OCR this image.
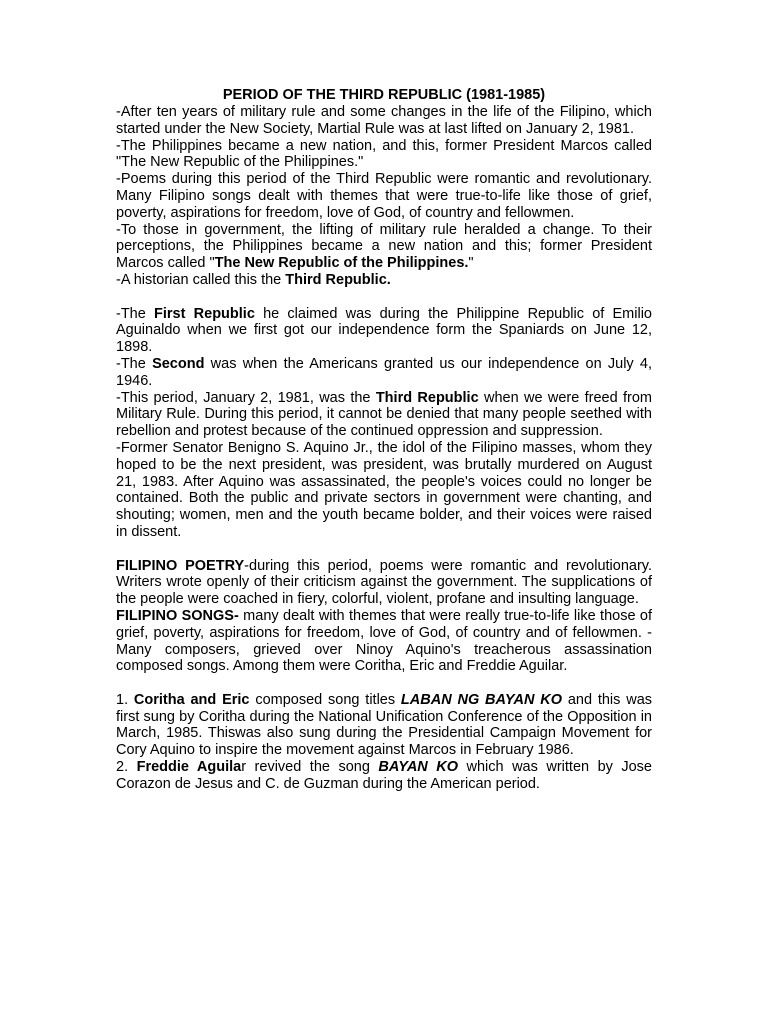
PERIOD OF THE THIRD REPUBLIC (1981-1985)

-After ten years of military rule and some changes in the life of the Filipino, which started under the New Society, Martial Rule was at last lifted on January 2, 1981.

-The Philippines became a new nation, and this, former President Marcos called "The New Republic of the Philippines."

-Poems during this period of the Third Republic were romantic and revolutionary. Many Filipino songs dealt with themes that were true-to-life like those of grief, poverty, aspirations for freedom, love of God, of country and fellowmen.

-To those in government, the lifting of military rule heralded a change. To their perceptions, the Philippines became a new nation and this; former President Marcos called "The New Republic of the Philippines."

-A historian called this the Third Republic.

-The First Republic he claimed was during the Philippine Republic of Emilio Aguinaldo when we first got our independence form the Spaniards on June 12, 1898.

-The Second was when the Americans granted us our independence on July 4, 1946.

-This period, January 2, 1981, was the Third Republic when we were freed from Military Rule. During this period, it cannot be denied that many people seethed with rebellion and protest because of the continued oppression and suppression.

-Former Senator Benigno S. Aquino Jr., the idol of the Filipino masses, whom they hoped to be the next president, was president, was brutally murdered on August 21, 1983. After Aquino was assassinated, the people's voices could no longer be contained. Both the public and private sectors in government were chanting, and shouting; women, men and the youth became bolder, and their voices were raised in dissent.

FILIPINO POETRY-during this period, poems were romantic and revolutionary. Writers wrote openly of their criticism against the government. The supplications of the people were coached in fiery, colorful, violent, profane and insulting language.

FILIPINO SONGS- many dealt with themes that were really true-to-life like those of grief, poverty, aspirations for freedom, love of God, of country and of fellowmen. -Many composers, grieved over Ninoy Aquino's treacherous assassination composed songs. Among them were Coritha, Eric and Freddie Aguilar.

1. Coritha and Eric composed song titles LABAN NG BAYAN KO and this was first sung by Coritha during the National Unification Conference of the Opposition in March, 1985. Thiswas also sung during the Presidential Campaign Movement for Cory Aquino to inspire the movement against Marcos in February 1986.

2. Freddie Aguilar revived the song BAYAN KO which was written by Jose Corazon de Jesus and C. de Guzman during the American period.
